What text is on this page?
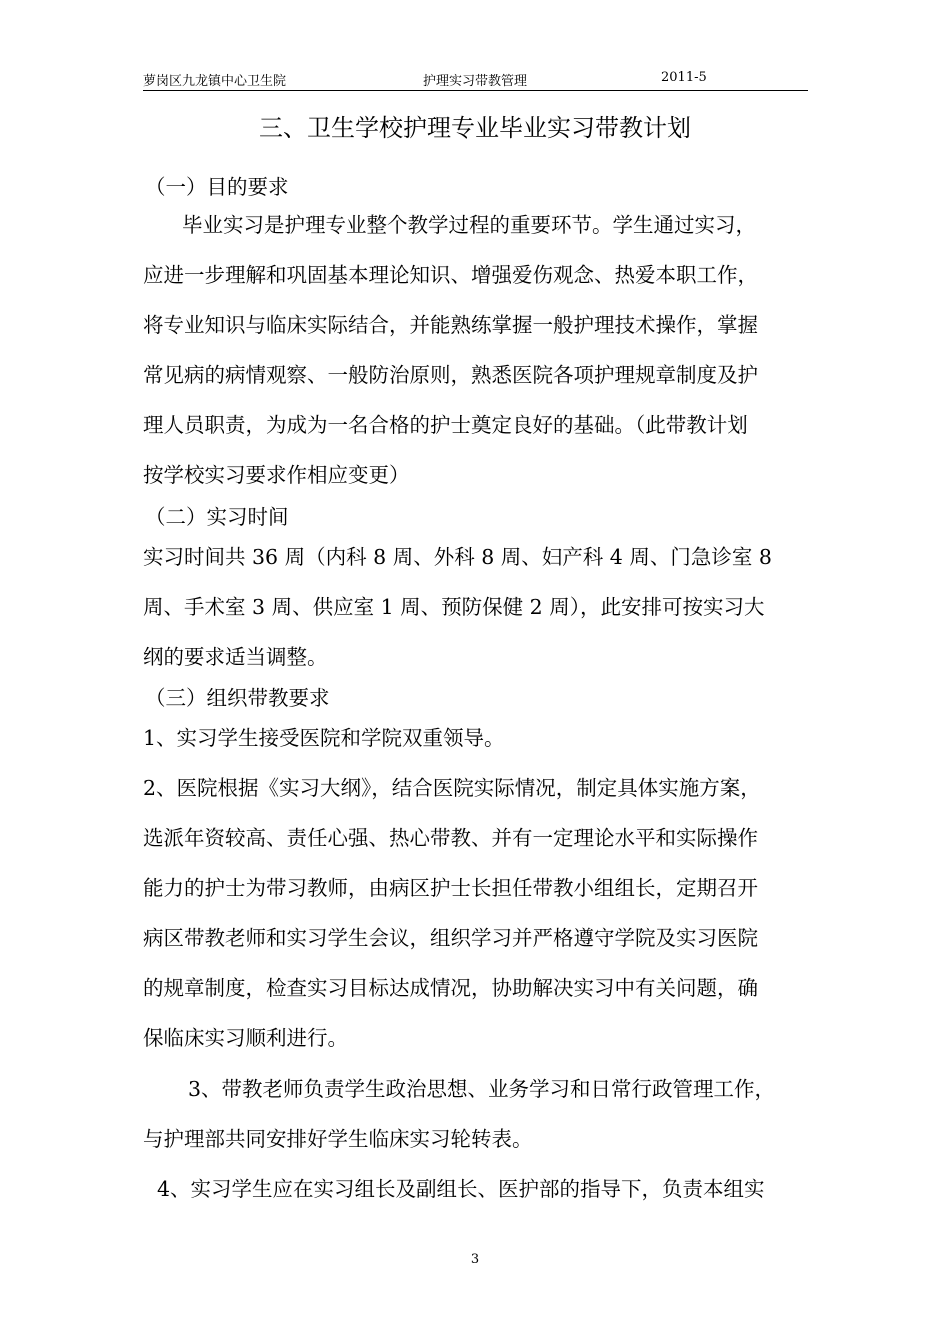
萝岗区九龙镇中心卫生院	护理实习带教管理	2011-5
三、卫生学校护理专业毕业实习带教计划
（一）目的要求
毕业实习是护理专业整个教学过程的重要环节。学生通过实习，
应进一步理解和巩固基本理论知识、增强爱伤观念、热爱本职工作，
将专业知识与临床实际结合，并能熟练掌握一般护理技术操作，掌握
常见病的病情观察、一般防治原则，熟悉医院各项护理规章制度及护
理人员职责，为成为一名合格的护士奠定良好的基础。（此带教计划
按学校实习要求作相应变更）
（二）实习时间
实习时间共 36 周（内科 8 周、外科 8 周、妇产科 4 周、门急诊室 8
周、手术室 3 周、供应室 1 周、预防保健 2 周），此安排可按实习大
纲的要求适当调整。
（三）组织带教要求
1、实习学生接受医院和学院双重领导。
2、医院根据《实习大纲》，结合医院实际情况，制定具体实施方案，
选派年资较高、责任心强、热心带教、并有一定理论水平和实际操作
能力的护士为带习教师，由病区护士长担任带教小组组长，定期召开
病区带教老师和实习学生会议，组织学习并严格遵守学院及实习医院
的规章制度，检查实习目标达成情况，协助解决实习中有关问题，确
保临床实习顺利进行。
3、带教老师负责学生政治思想、业务学习和日常行政管理工作，
与护理部共同安排好学生临床实习轮转表。
4、实习学生应在实习组长及副组长、医护部的指导下，负责本组实
3
